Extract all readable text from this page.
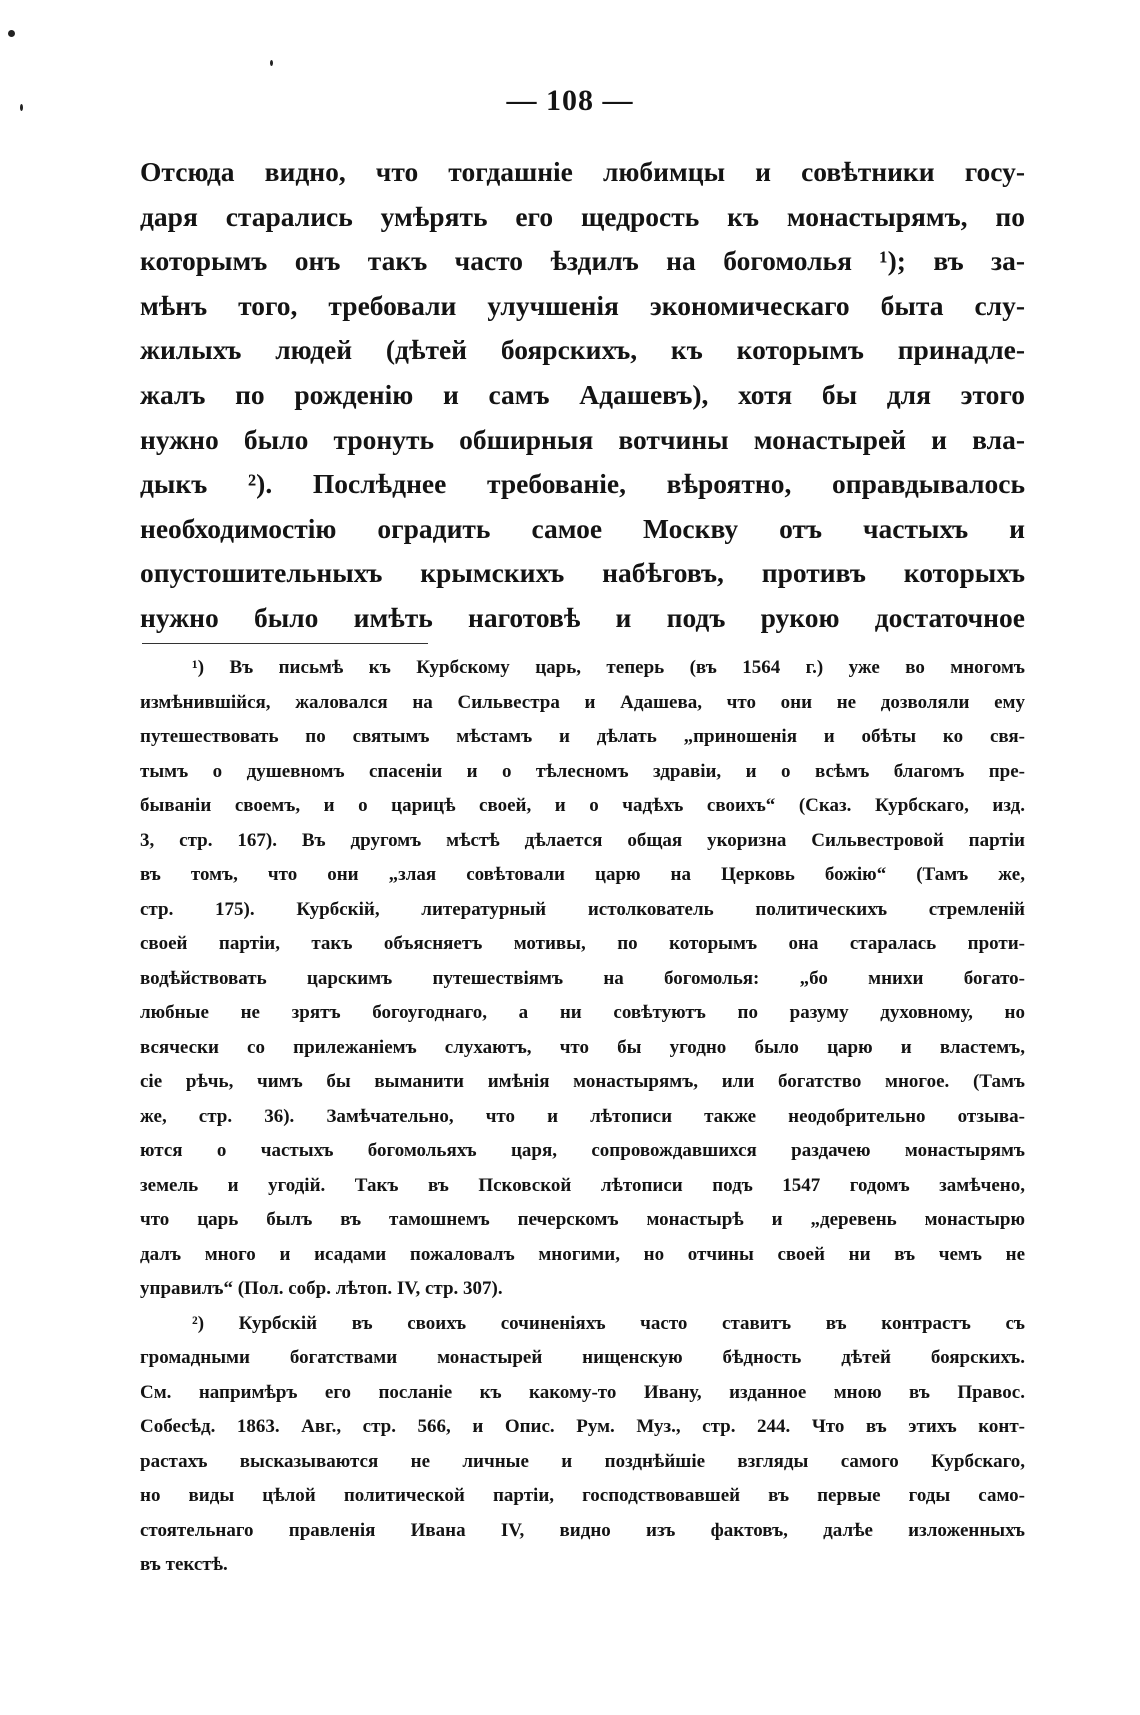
— 108 —
Отсюда видно, что тогдашніе любимцы и совѣтники госу-
даря старались умѣрять его щедрость къ монастырямъ, по
которымъ онъ такъ часто ѣздилъ на богомолья ¹); въ за-
мѣнъ того, требовали улучшенія экономическаго быта слу-
жилыхъ людей (дѣтей боярскихъ, къ которымъ принадле-
жалъ по рожденію и самъ Адашевъ), хотя бы для этого
нужно было тронуть обширныя вотчины монастырей и вла-
дыкъ ²). Послѣднее требованіе, вѣроятно, оправдывалось
необходимостію оградить самое Москву отъ частыхъ и
опустошительныхъ крымскихъ набѣговъ, противъ которыхъ
нужно было имѣть наготовѣ и подъ рукою достаточное
¹) Въ письмѣ къ Курбскому царь, теперь (въ 1564 г.) уже во многомъ
измѣнившійся, жаловался на Сильвестра и Адашева, что они не дозволяли ему
путешествовать по святымъ мѣстамъ и дѣлать „приношенія и обѣты ко свя-
тымъ о душевномъ спасеніи и о тѣлесномъ здравіи, и о всѣмъ благомъ пре-
бываніи своемъ, и о царицѣ своей, и о чадѣхъ своихъ“ (Сказ. Курбскаго, изд.
3, стр. 167). Въ другомъ мѣстѣ дѣлается общая укоризна Сильвестровой партіи
въ томъ, что они „злая совѣтовали царю на Церковь божію“ (Тамъ же,
стр. 175). Курбскій, литературный истолкователь политическихъ стремленій
своей партіи, такъ объясняетъ мотивы, по которымъ она старалась проти-
водѣйствовать царскимъ путешествіямъ на богомолья: „бо мнихи богато-
любные не зрятъ богоугоднаго, а ни совѣтуютъ по разуму духовному, но
всячески со прилежаніемъ слухаютъ, что бы угодно было царю и властемъ,
сіе рѣчь, чимъ бы выманити имѣнія монастырямъ, или богатство многое. (Тамъ
же, стр. 36). Замѣчательно, что и лѣтописи также неодобрительно отзыва-
ются о частыхъ богомольяхъ царя, сопровождавшихся раздачею монастырямъ
земель и угодій. Такъ въ Псковской лѣтописи подъ 1547 годомъ замѣчено,
что царь былъ въ тамошнемъ печерскомъ монастырѣ и „деревень монастырю
далъ много и исадами пожаловалъ многими, но отчины своей ни въ чемъ не
управилъ“ (Пол. собр. лѣтоп. IV, стр. 307).
²) Курбскій въ своихъ сочиненіяхъ часто ставитъ въ контрастъ съ
громадными богатствами монастырей нищенскую бѣдность дѣтей боярскихъ.
См. напримѣръ его посланіе къ какому-то Ивану, изданное мною въ Правос.
Собесѣд. 1863. Авг., стр. 566, и Опис. Рум. Муз., стр. 244. Что въ этихъ конт-
растахъ высказываются не личные и позднѣйшіе взгляды самого Курбскаго,
но виды цѣлой политической партіи, господствовавшей въ первые годы само-
стоятельнаго правленія Ивана IV, видно изъ фактовъ, далѣе изложенныхъ
въ текстѣ.
